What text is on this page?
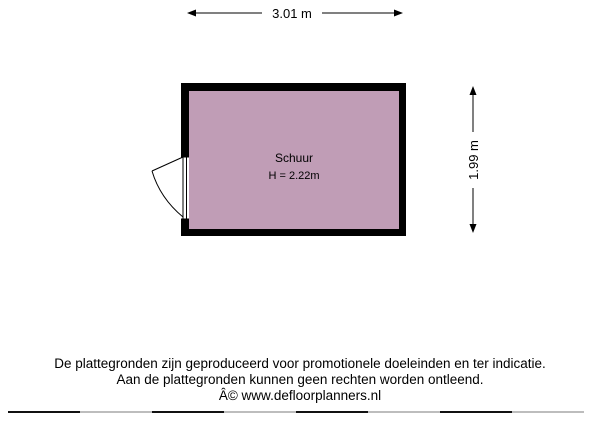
3.01 m
1.99 m
Schuur
H = 2.22m
De plattegronden zijn geproduceerd voor promotionele doeleinden en ter indicatie.
Aan de plattegronden kunnen geen rechten worden ontleend.
Â© www.defloorplanners.nl
